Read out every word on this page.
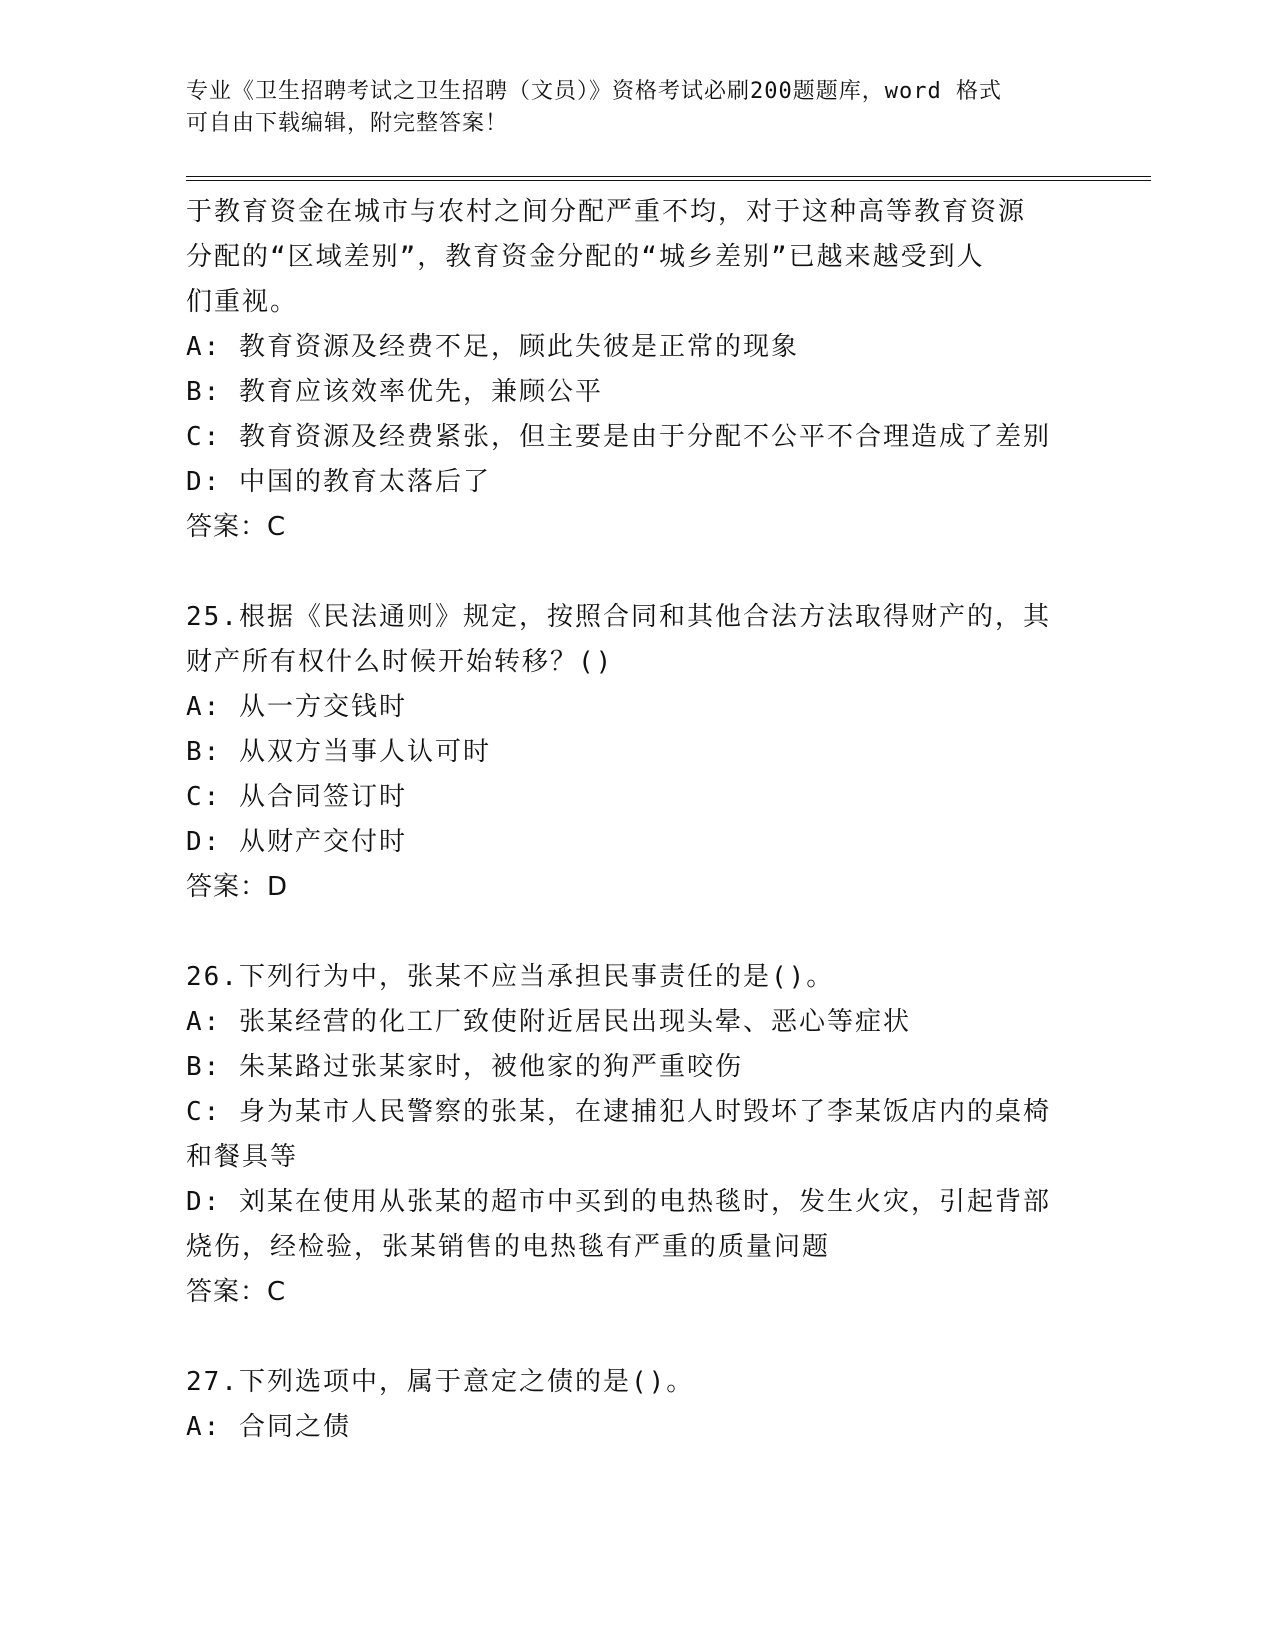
专业《卫生招聘考试之卫生招聘（文员）》资格考试必刷200题题库，word 格式
可自由下载编辑，附完整答案！
于教育资金在城市与农村之间分配严重不均，对于这种高等教育资源
分配的“区域差别”，教育资金分配的“城乡差别”已越来越受到人
们重视。
A: 教育资源及经费不足，顾此失彼是正常的现象
B: 教育应该效率优先，兼顾公平
C: 教育资源及经费紧张，但主要是由于分配不公平不合理造成了差别
D: 中国的教育太落后了
答案：C
25.根据《民法通则》规定，按照合同和其他合法方法取得财产的，其
财产所有权什么时候开始转移？()
A: 从一方交钱时
B: 从双方当事人认可时
C: 从合同签订时
D: 从财产交付时
答案：D
26.下列行为中，张某不应当承担民事责任的是()。
A: 张某经营的化工厂致使附近居民出现头晕、恶心等症状
B: 朱某路过张某家时，被他家的狗严重咬伤
C: 身为某市人民警察的张某，在逮捕犯人时毁坏了李某饭店内的桌椅
和餐具等
D: 刘某在使用从张某的超市中买到的电热毯时，发生火灾，引起背部
烧伤，经检验，张某销售的电热毯有严重的质量问题
答案：C
27.下列选项中，属于意定之债的是()。
A: 合同之债
